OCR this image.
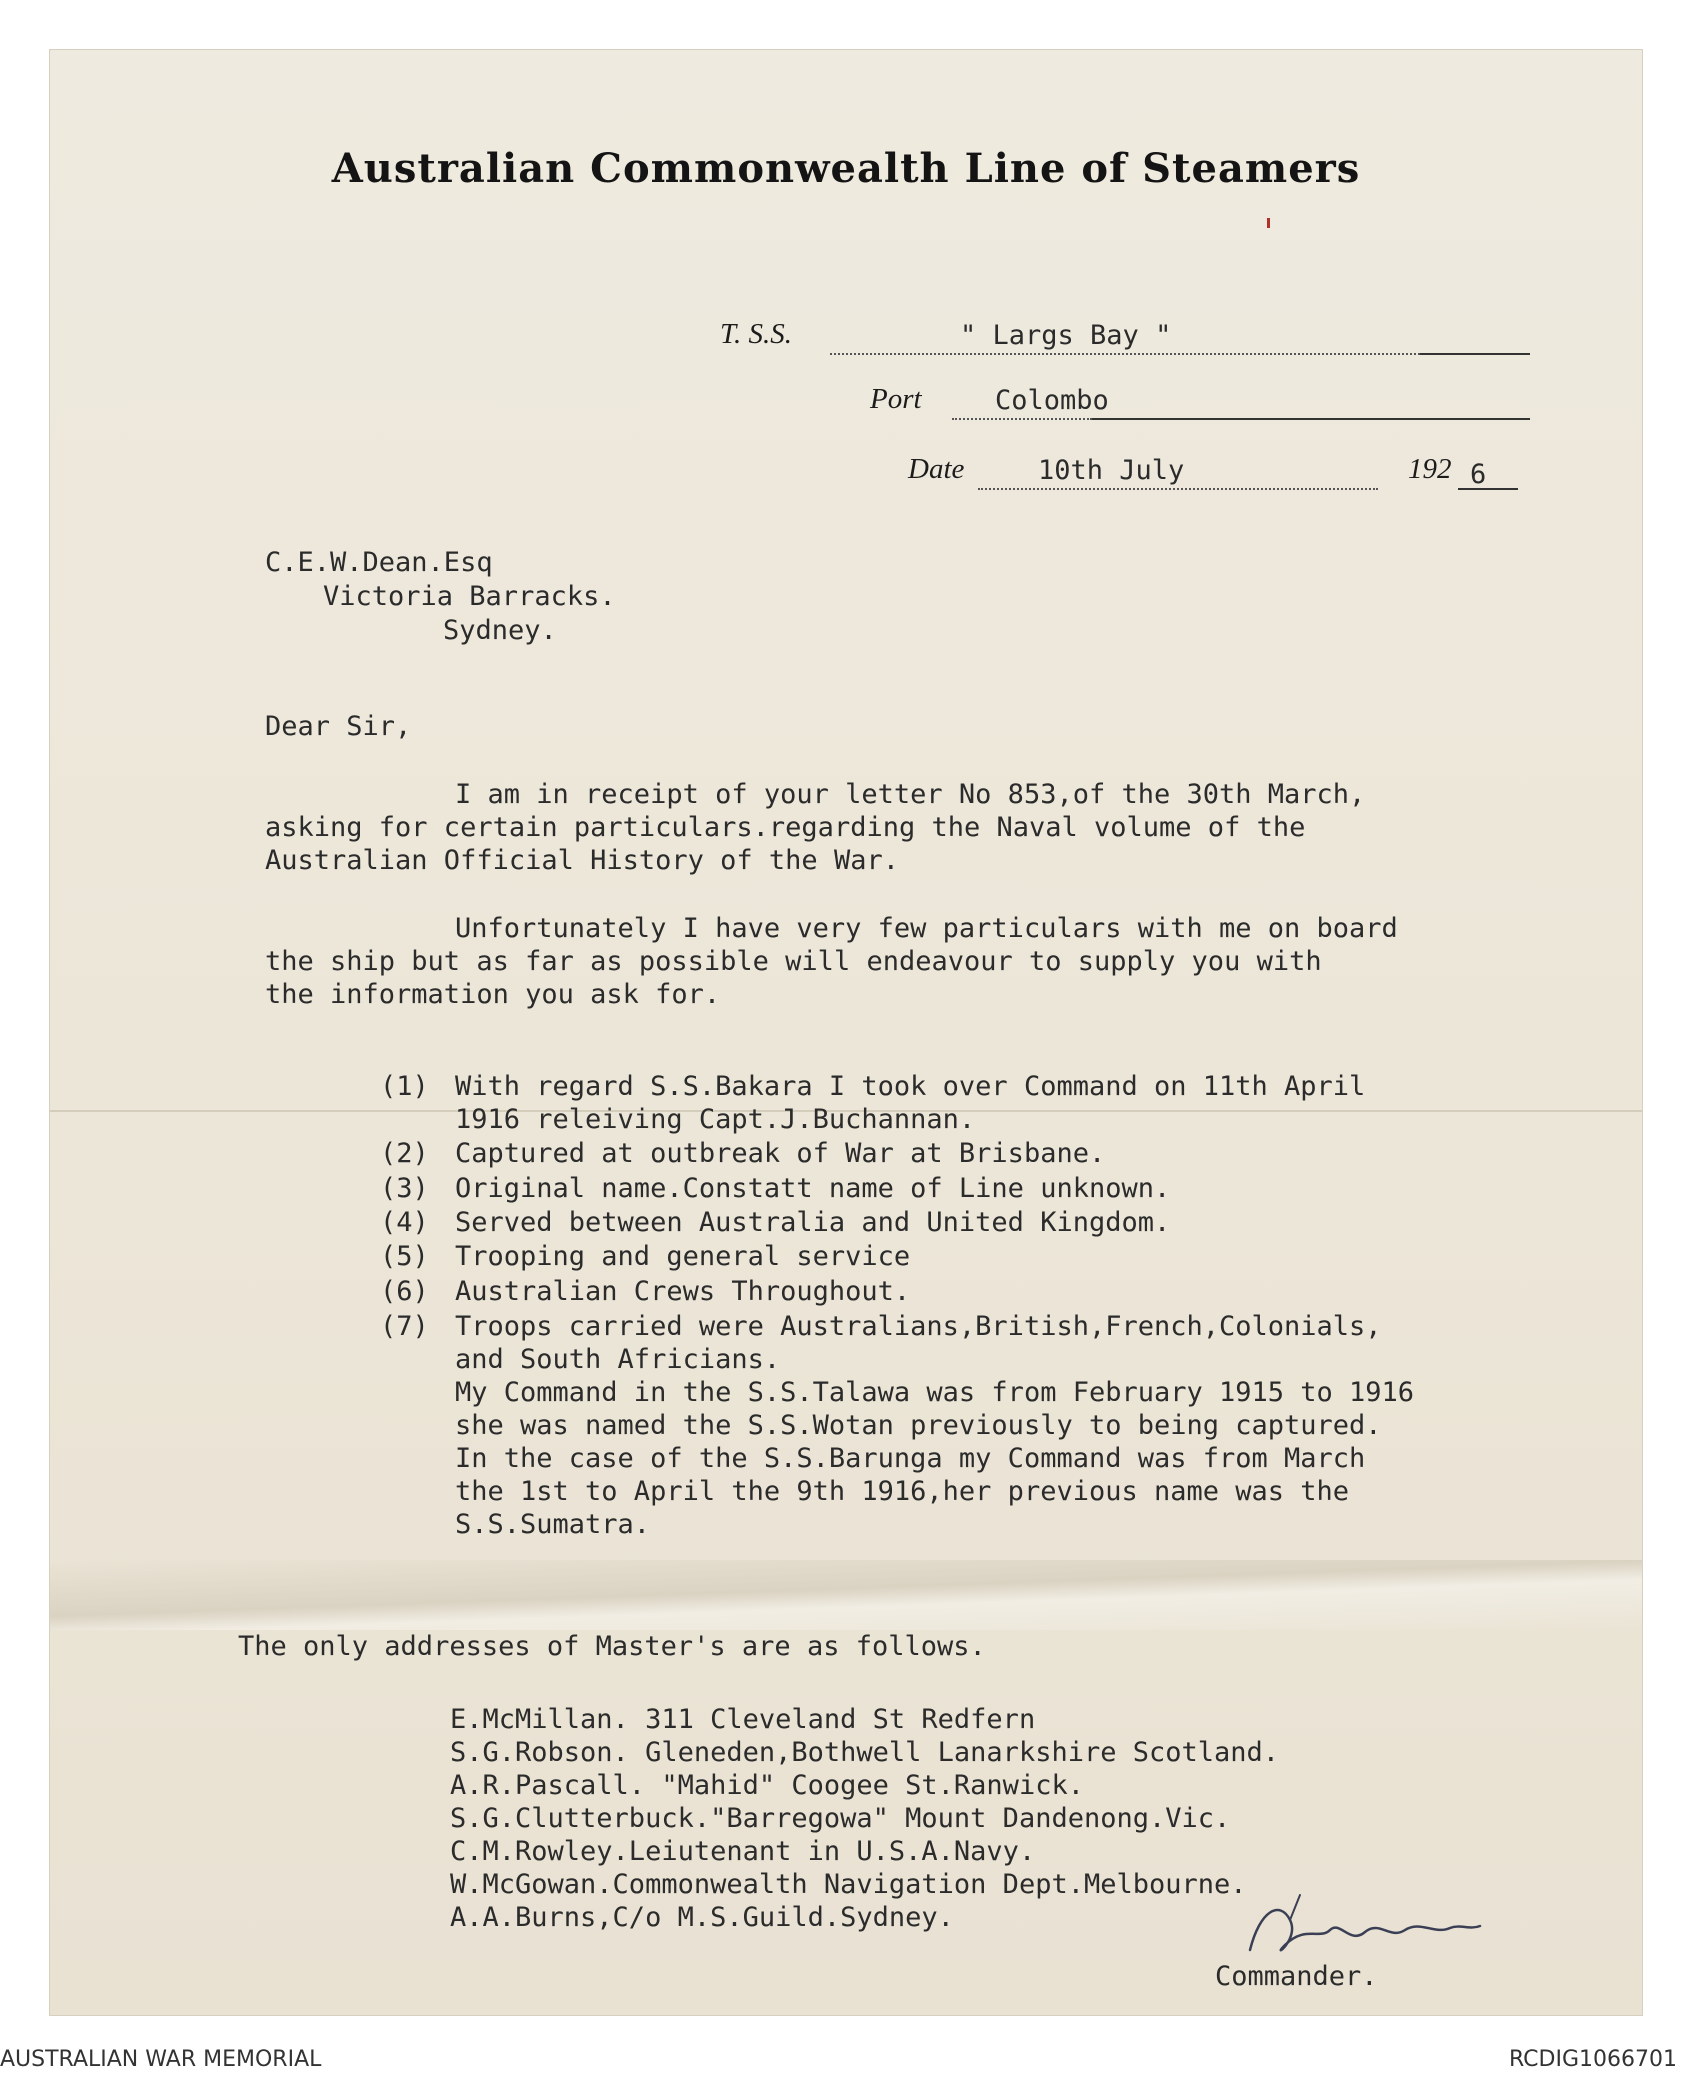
Australian Commonwealth Line of Steamers
T. S.S.	" Largs Bay "
Port	Colombo
Date	10th July	192 6
C.E.W.Dean.Esq
Victoria Barracks.
Sydney.
Dear Sir,
I am in receipt of your letter No 853,of the 30th March,
asking for certain particulars.regarding the Naval volume of the
Australian Official History of the War.
Unfortunately I have very few particulars with me on board
the ship but as far as possible will endeavour to supply you with
the information you ask for.
(1) With regard S.S.Bakara I took over Command on 11th April
1916 releiving Capt.J.Buchannan.
(2) Captured at outbreak of War at Brisbane.
(3) Original name.Constatt name of Line unknown.
(4) Served between Australia and United Kingdom.
(5) Trooping and general service
(6) Australian Crews Throughout.
(7) Troops carried were Australians,British,French,Colonials,
and South Africians.
My Command in the S.S.Talawa was from February 1915 to 1916
she was named the S.S.Wotan previously to being captured.
In the case of the S.S.Barunga my Command was from March
the 1st to April the 9th 1916,her previous name was the
S.S.Sumatra.
The only addresses of Master's are as follows.
E.McMillan. 311 Cleveland St Redfern
S.G.Robson. Gleneden,Bothwell Lanarkshire Scotland.
A.R.Pascall. "Mahid" Coogee St.Ranwick.
S.G.Clutterbuck."Barregowa" Mount Dandenong.Vic.
C.M.Rowley.Leiutenant in U.S.A.Navy.
W.McGowan.Commonwealth Navigation Dept.Melbourne.
A.A.Burns,C/o M.S.Guild.Sydney.
Commander.
AUSTRALIAN WAR MEMORIAL	RCDIG1066701
